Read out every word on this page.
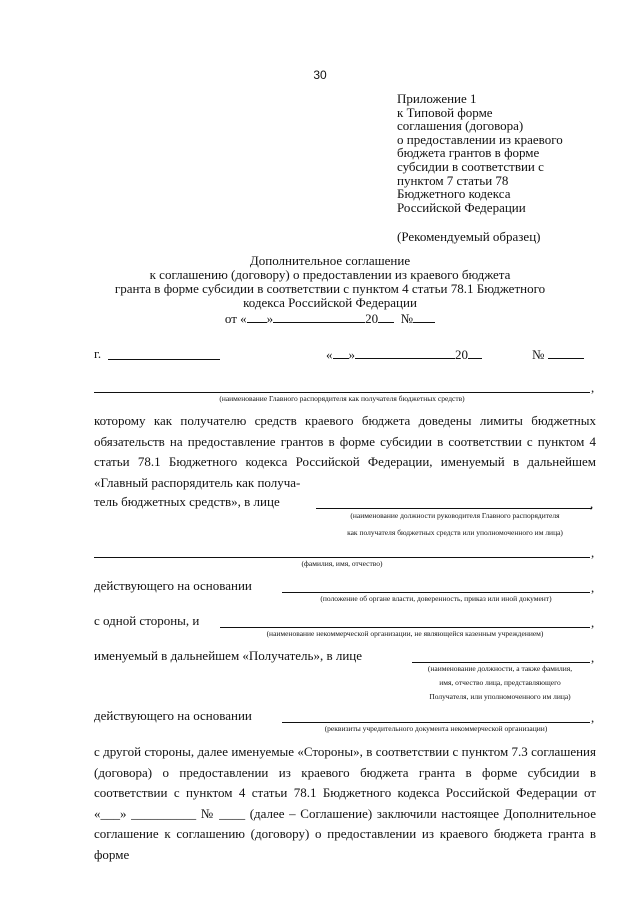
30
Приложение 1
к Типовой форме
соглашения (договора)
о предоставлении из краевого
бюджета грантов в форме
субсидии в соответствии с
пунктом 7 статьи 78
Бюджетного кодекса
Российской Федерации
(Рекомендуемый образец)
Дополнительное соглашение
к соглашению (договору) о предоставлении из краевого бюджета
гранта в форме субсидии в соответствии с пунктом 4 статьи 78.1 Бюджетного
кодекса Российской Федерации
от « »	20 №
г.	« »	20	№
,
(наименование Главного распорядителя как получателя бюджетных средств)
которому как получателю средств краевого бюджета доведены лимиты бюджетных обязательств на предоставление грантов в форме субсидии в соответствии с пунктом 4 статьи 78.1 Бюджетного кодекса Российской Федерации, именуемый в дальнейшем «Главный распорядитель как получа-
тель бюджетных средств», в лице	,
(наименование должности руководителя Главного распорядителя
как получателя бюджетных средств или уполномоченного им лица)
,
(фамилия, имя, отчество)
действующего на основании	,
(положение об органе власти, доверенность, приказ или иной документ)
с одной стороны, и	,
(наименование некоммерческой организации, не являющейся казенным учреждением)
именуемый в дальнейшем «Получатель», в лице	,
(наименование должности, а также фамилия,
имя, отчество лица, представляющего
Получателя, или уполномоченного им лица)
действующего на основании	,
(реквизиты учредительного документа некоммерческой организации)
с другой стороны, далее именуемые «Стороны», в соответствии с пунктом 7.3 соглашения (договора) о предоставлении из краевого бюджета гранта в форме субсидии в соответствии с пунктом 4 статьи 78.1 Бюджетного кодекса Российской Федерации от «___» __________ № ____ (далее – Соглашение) заключили настоящее Дополнительное соглашение к соглашению (договору) о предоставлении из краевого бюджета гранта в форме
